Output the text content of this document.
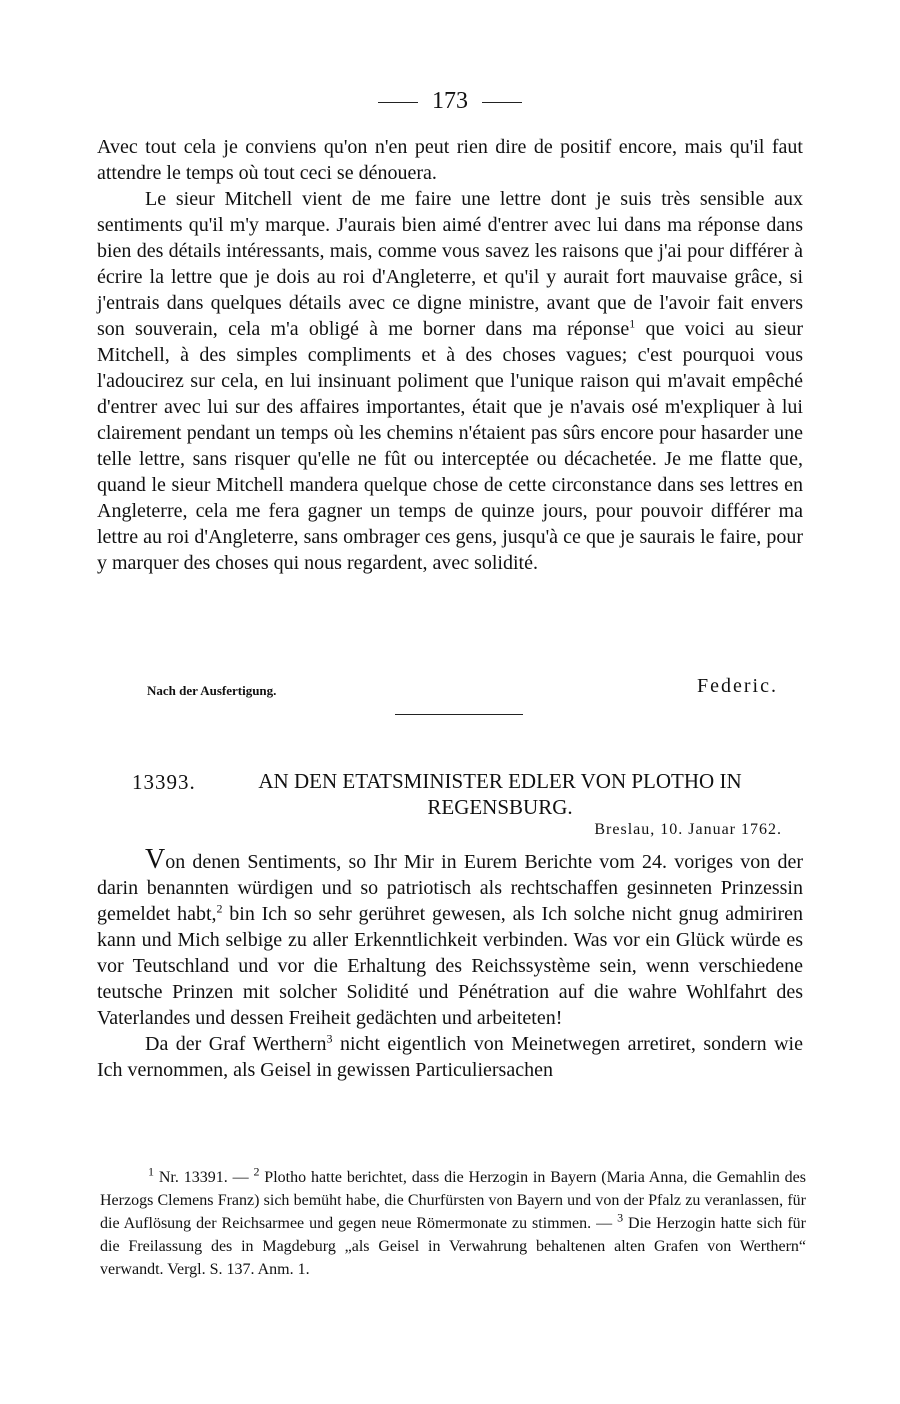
173

Avec tout cela je conviens qu'on n'en peut rien dire de positif encore, mais qu'il faut attendre le temps où tout ceci se dénouera.

Le sieur Mitchell vient de me faire une lettre dont je suis très sensible aux sentiments qu'il m'y marque. J'aurais bien aimé d'entrer avec lui dans ma réponse dans bien des détails intéressants, mais, comme vous savez les raisons que j'ai pour différer à écrire la lettre que je dois au roi d'Angleterre, et qu'il y aurait fort mauvaise grâce, si j'entrais dans quelques détails avec ce digne ministre, avant que de l'avoir fait envers son souverain, cela m'a obligé à me borner dans ma réponse$^1$ que voici au sieur Mitchell, à des simples compliments et à des choses vagues; c'est pourquoi vous l'adoucirez sur cela, en lui insinuant poliment que l'unique raison qui m'avait empêché d'entrer avec lui sur des affaires importantes, était que je n'avais osé m'expliquer à lui clairement pendant un temps où les chemins n'étaient pas sûrs encore pour hasarder une telle lettre, sans risquer qu'elle ne fût ou interceptée ou décachetée. Je me flatte que, quand le sieur Mitchell mandera quelque chose de cette circonstance dans ses lettres en Angleterre, cela me fera gagner un temps de quinze jours, pour pouvoir différer ma lettre au roi d'Angleterre, sans ombrager ces gens, jusqu'à ce que je saurais le faire, pour y marquer des choses qui nous regardent, avec solidité.

Nach der Ausfertigung.	Federic.
13393.	AN DEN ETATSMINISTER EDLER VON PLOTHO IN REGENSBURG.
Breslau, 10. Januar 1762.

Von denen Sentiments, so Ihr Mir in Eurem Berichte vom 24. voriges von der darin benannten würdigen und so patriotisch als rechtschaffen gesinneten Prinzessin gemeldet habt,$^2$ bin Ich so sehr gerühret gewesen, als Ich solche nicht gnug admiriren kann und Mich selbige zu aller Erkenntlichkeit verbinden. Was vor ein Glück würde es vor Teutschland und vor die Erhaltung des Reichssystème sein, wenn verschiedene teutsche Prinzen mit solcher Solidité und Pénétration auf die wahre Wohlfahrt des Vaterlandes und dessen Freiheit gedächten und arbeiteten!

Da der Graf Werthern$^3$ nicht eigentlich von Meinetwegen arretiret, sondern wie Ich vernommen, als Geisel in gewissen Particuliersachen

$^1$ Nr. 13391. — $^2$ Plotho hatte berichtet, dass die Herzogin in Bayern (Maria Anna, die Gemahlin des Herzogs Clemens Franz) sich bemüht habe, die Churfürsten von Bayern und von der Pfalz zu veranlassen, für die Auflösung der Reichsarmee und gegen neue Römermonate zu stimmen. — $^3$ Die Herzogin hatte sich für die Freilassung des in Magdeburg „als Geisel in Verwahrung behaltenen alten Grafen von Werthern“ verwandt. Vergl. S. 137. Anm. 1.
